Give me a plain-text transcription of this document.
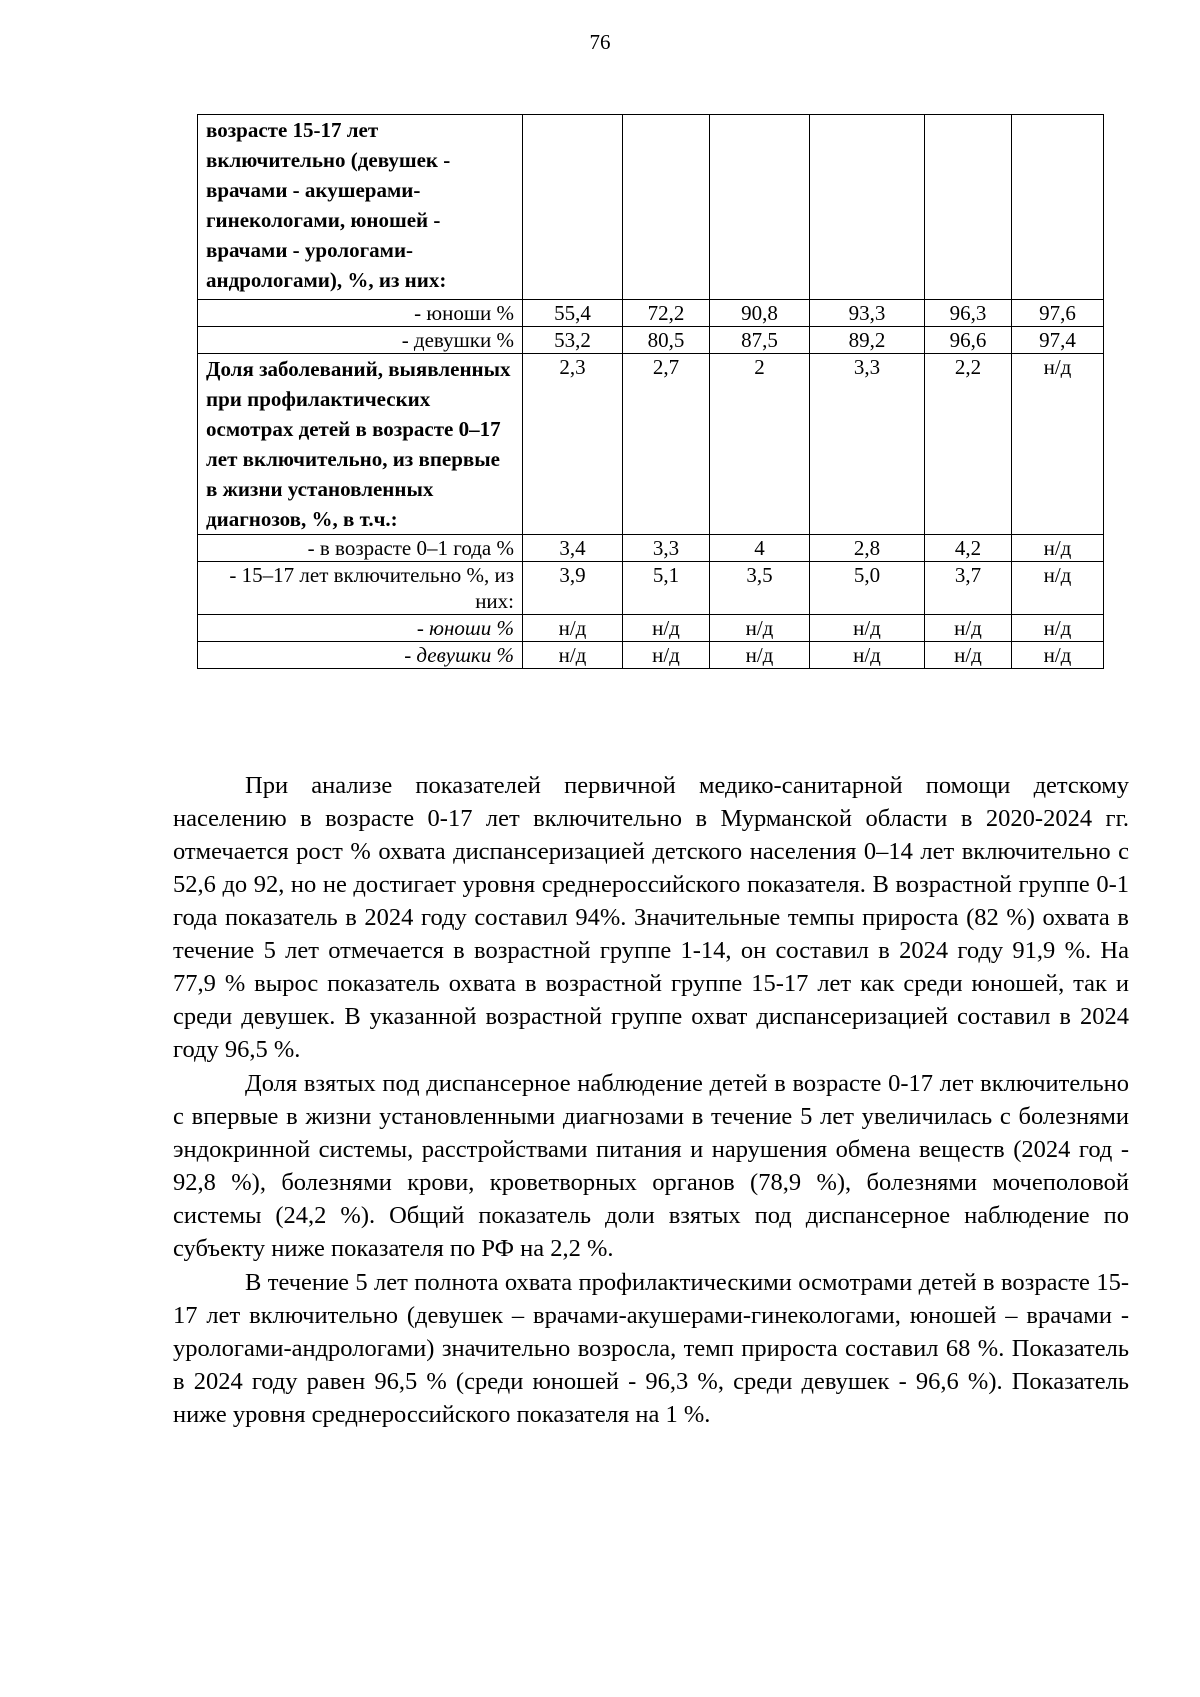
76
возрасте 15-17 лет включительно (девушек - врачами - акушерами-гинекологами, юношей - врачами - урологами-андрологами), %, из них:						
- юноши %	55,4	72,2	90,8	93,3	96,3	97,6
- девушки %	53,2	80,5	87,5	89,2	96,6	97,4
Доля заболеваний, выявленных при профилактических осмотрах детей в возрасте 0–17 лет включительно, из впервые в жизни установленных диагнозов, %, в т.ч.:	2,3	2,7	2	3,3	2,2	н/д
- в возрасте 0–1 года %	3,4	3,3	4	2,8	4,2	н/д
- 15–17 лет включительно %, из них:	3,9	5,1	3,5	5,0	3,7	н/д
- юноши %	н/д	н/д	н/д	н/д	н/д	н/д
- девушки %	н/д	н/д	н/д	н/д	н/д	н/д

При анализе показателей первичной медико-санитарной помощи детскому населению в возрасте 0-17 лет включительно в Мурманской области в 2020-2024 гг. отмечается рост % охвата диспансеризацией детского населения 0–14 лет включительно с 52,6 до 92, но не достигает уровня среднероссийского показателя. В возрастной группе 0-1 года показатель в 2024 году составил 94%. Значительные темпы прироста (82 %) охвата в течение 5 лет отмечается в возрастной группе 1-14, он составил в 2024 году 91,9 %. На 77,9 % вырос показатель охвата в возрастной группе 15-17 лет как среди юношей, так и среди девушек. В указанной возрастной группе охват диспансеризацией составил в 2024 году 96,5 %.

Доля взятых под диспансерное наблюдение детей в возрасте 0-17 лет включительно с впервые в жизни установленными диагнозами в течение 5 лет увеличилась с болезнями эндокринной системы, расстройствами питания и нарушения обмена веществ (2024 год - 92,8 %), болезнями крови, кроветворных органов (78,9 %), болезнями мочеполовой системы (24,2 %). Общий показатель доли взятых под диспансерное наблюдение по субъекту ниже показателя по РФ на 2,2 %.

В течение 5 лет полнота охвата профилактическими осмотрами детей в возрасте 15-17 лет включительно (девушек – врачами-акушерами-гинекологами, юношей – врачами - урологами-андрологами) значительно возросла, темп прироста составил 68 %. Показатель в 2024 году равен 96,5 % (среди юношей - 96,3 %, среди девушек - 96,6 %). Показатель ниже уровня среднероссийского показателя на 1 %.
